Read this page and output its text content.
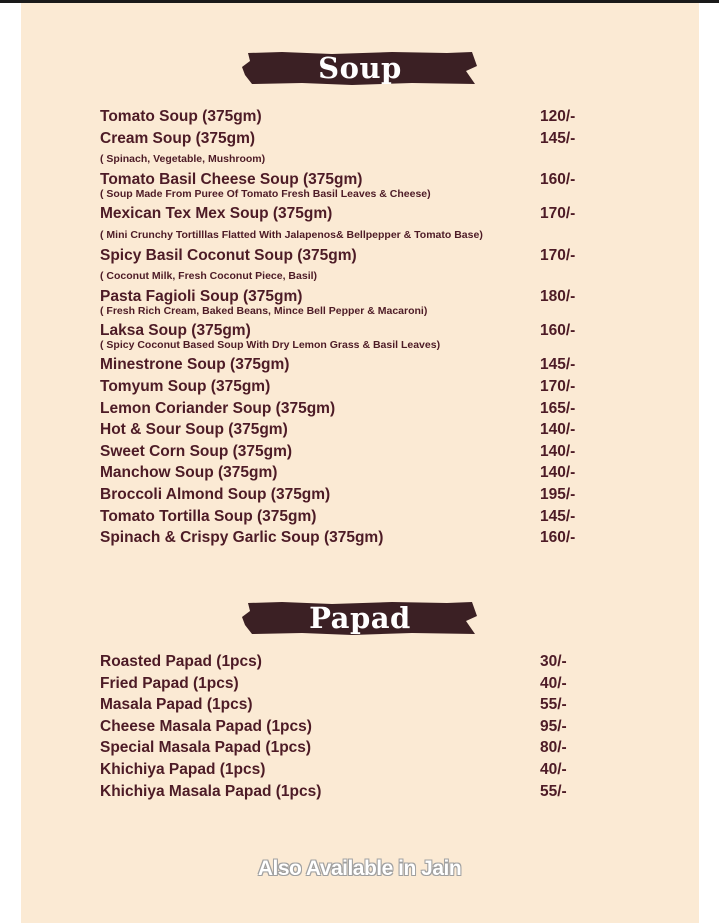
Soup
Tomato Soup (375gm)	120/-
Cream Soup (375gm)	145/-
( Spinach, Vegetable, Mushroom)
Tomato Basil Cheese Soup (375gm)	160/-
( Soup Made From Puree Of Tomato Fresh Basil Leaves & Cheese)
Mexican Tex Mex Soup (375gm)	170/-
( Mini Crunchy Tortilllas Flatted With Jalapenos& Bellpepper & Tomato Base)
Spicy Basil Coconut Soup (375gm)	170/-
( Coconut Milk, Fresh Coconut Piece, Basil)
Pasta Fagioli Soup (375gm)	180/-
( Fresh Rich Cream, Baked Beans, Mince Bell Pepper & Macaroni)
Laksa Soup (375gm)	160/-
( Spicy Coconut Based Soup With Dry Lemon Grass & Basil Leaves)
Minestrone Soup (375gm)	145/-
Tomyum Soup (375gm)	170/-
Lemon Coriander Soup (375gm)	165/-
Hot & Sour Soup (375gm)	140/-
Sweet Corn Soup (375gm)	140/-
Manchow Soup (375gm)	140/-
Broccoli Almond Soup (375gm)	195/-
Tomato Tortilla Soup (375gm)	145/-
Spinach & Crispy Garlic Soup (375gm)	160/-
Papad
Roasted Papad (1pcs)	30/-
Fried Papad (1pcs)	40/-
Masala Papad (1pcs)	55/-
Cheese Masala Papad (1pcs)	95/-
Special Masala Papad (1pcs)	80/-
Khichiya Papad (1pcs)	40/-
Khichiya Masala Papad (1pcs)	55/-
Also Available in Jain
